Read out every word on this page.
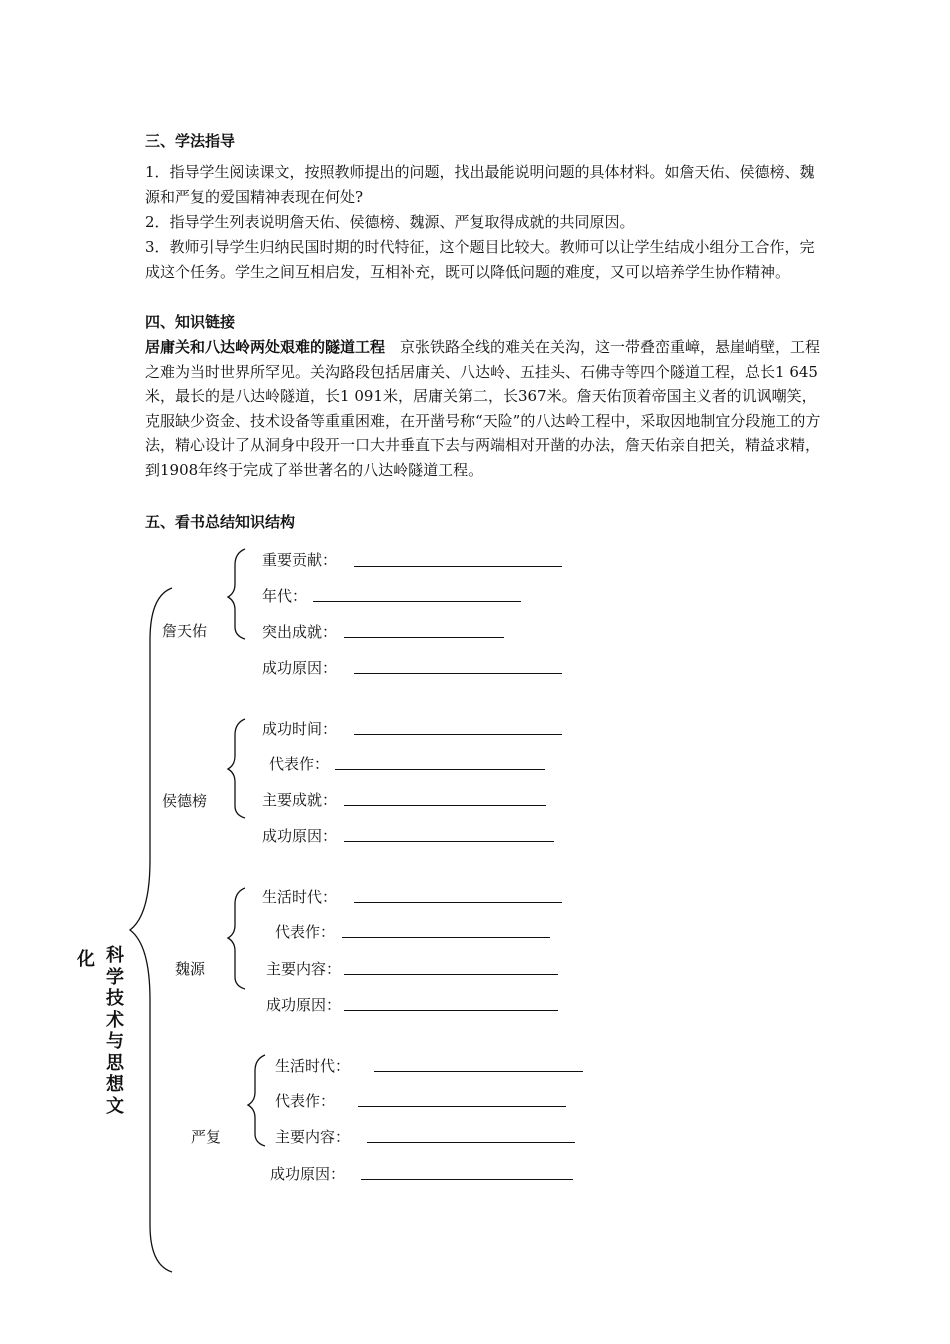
三、学法指导
1．指导学生阅读课文，按照教师提出的问题，找出最能说明问题的具体材料。如詹天佑、侯德榜、魏源和严复的爱国精神表现在何处?
2．指导学生列表说明詹天佑、侯德榜、魏源、严复取得成就的共同原因。
3．教师引导学生归纳民国时期的时代特征，这个题目比较大。教师可以让学生结成小组分工合作，完成这个任务。学生之间互相启发，互相补充，既可以降低问题的难度，又可以培养学生协作精神。
四、知识链接
居庸关和八达岭两处艰难的隧道工程　京张铁路全线的难关在关沟，这一带叠峦重嶂，悬崖峭壁，工程之难为当时世界所罕见。关沟路段包括居庸关、八达岭、五挂头、石佛寺等四个隧道工程，总长1 645米，最长的是八达岭隧道，长1 091米，居庸关第二，长367米。詹天佑顶着帝国主义者的讥讽嘲笑，克服缺少资金、技术设备等重重困难，在开凿号称“天险”的八达岭工程中，采取因地制宜分段施工的方法，精心设计了从洞身中段开一口大井垂直下去与两端相对开凿的办法，詹天佑亲自把关，精益求精，到1908年终于完成了举世著名的八达岭隧道工程。
五、看书总结知识结构
科学技术与思想文
化
詹天佑
重要贡献：
年代：
突出成就：
成功原因：
侯德榜
成功时间：
代表作：
主要成就：
成功原因：
魏源
生活时代：
代表作：
主要内容：
成功原因：
严复
生活时代：
代表作：
主要内容：
成功原因：
